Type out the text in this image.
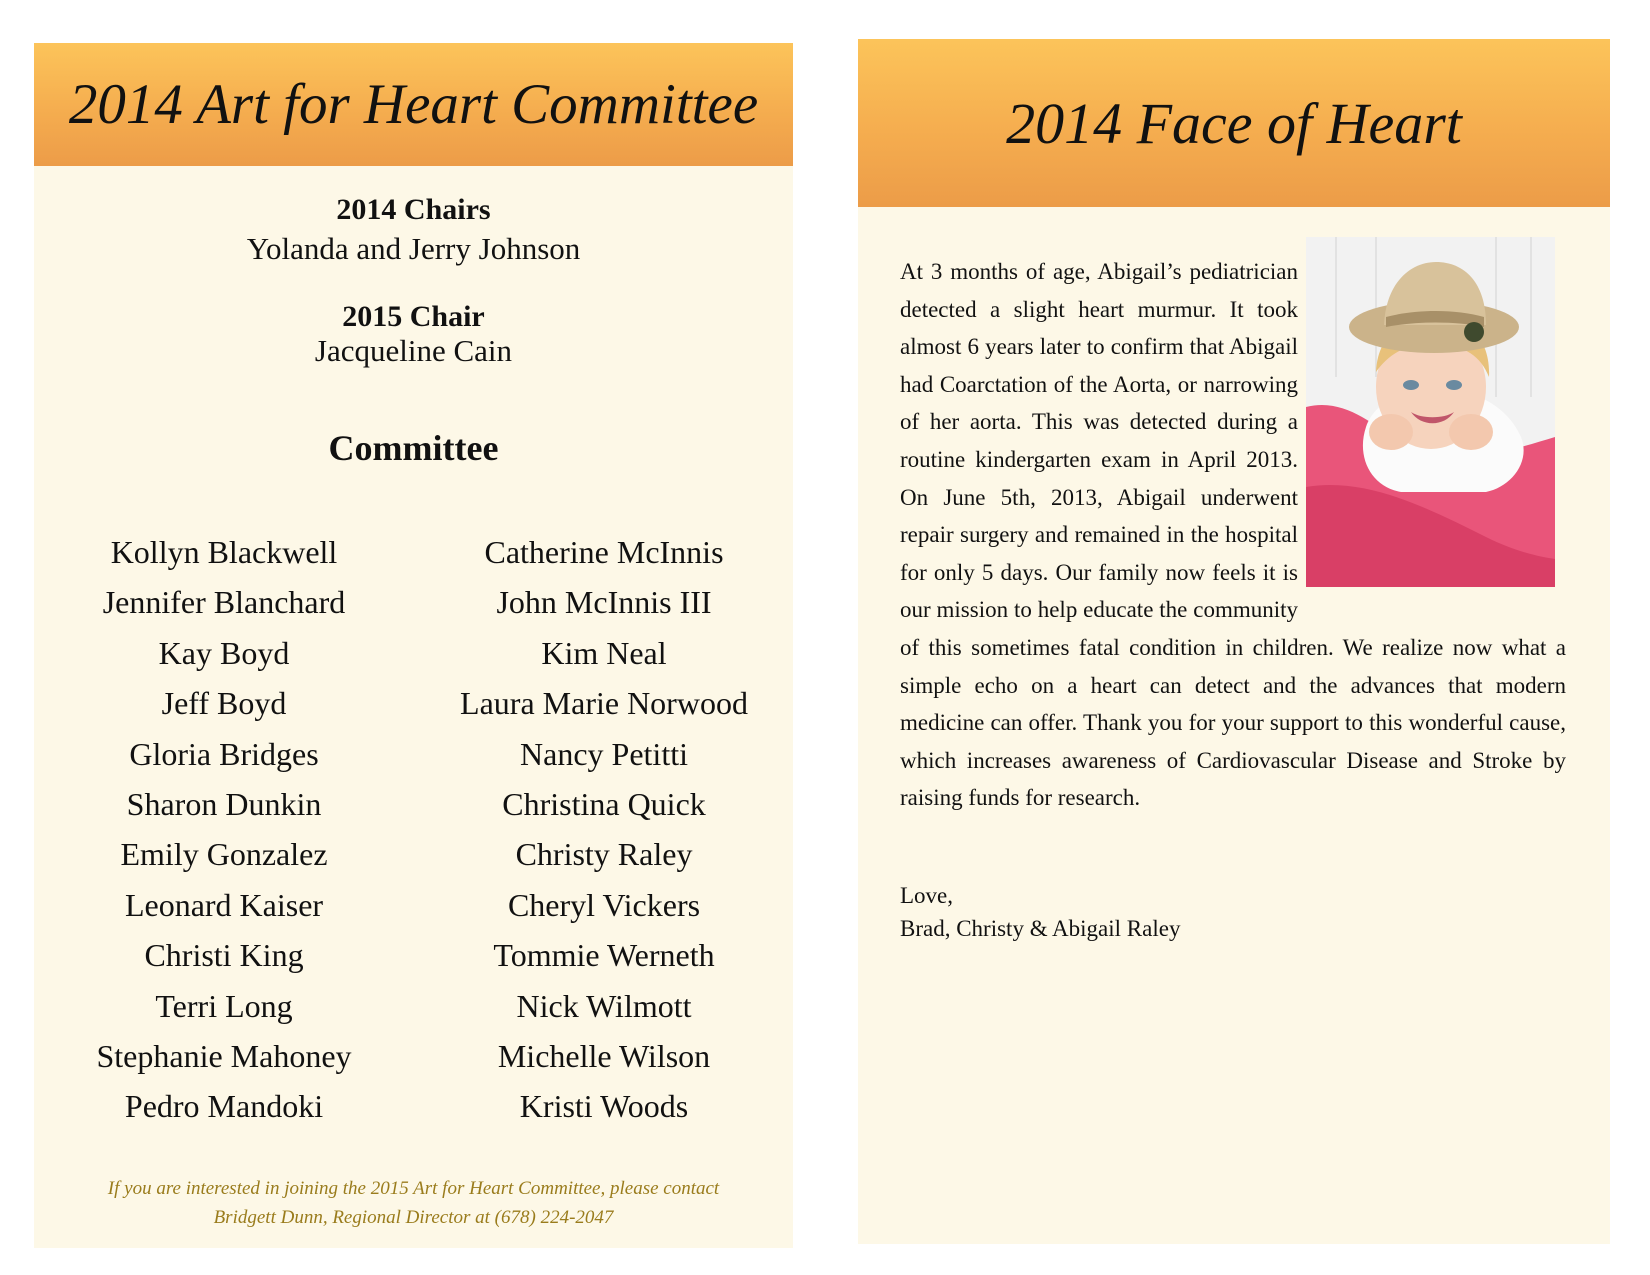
2014 Art for Heart Committee
2014 Chairs
Yolanda and Jerry Johnson
2015 Chair
Jacqueline Cain
Committee
Kollyn Blackwell
Jennifer Blanchard
Kay Boyd
Jeff Boyd
Gloria Bridges
Sharon Dunkin
Emily Gonzalez
Leonard Kaiser
Christi King
Terri Long
Stephanie Mahoney
Pedro Mandoki
Catherine McInnis
John McInnis III
Kim Neal
Laura Marie Norwood
Nancy Petitti
Christina Quick
Christy Raley
Cheryl Vickers
Tommie Werneth
Nick Wilmott
Michelle Wilson
Kristi Woods
If you are interested in joining the 2015 Art for Heart Committee, please contact
Bridgett Dunn, Regional Director at (678) 224-2047
2014 Face of Heart
At 3 months of age, Abigail’s pediatrician detected a slight heart murmur. It took almost 6 years later to confirm that Abigail had Coarctation of the Aorta, or narrowing of her aorta. This was detected during a routine kindergarten exam in April 2013. On June 5th, 2013, Abigail underwent repair surgery and remained in the hospital for only 5 days. Our family now feels it is our mission to help educate the community of this sometimes fatal condition in children. We realize now what a simple echo on a heart can detect and the advances that modern medicine can offer. Thank you for your support to this wonderful cause, which increases awareness of Cardiovascular Disease and Stroke by raising funds for research.
Love,
Brad, Christy & Abigail Raley
